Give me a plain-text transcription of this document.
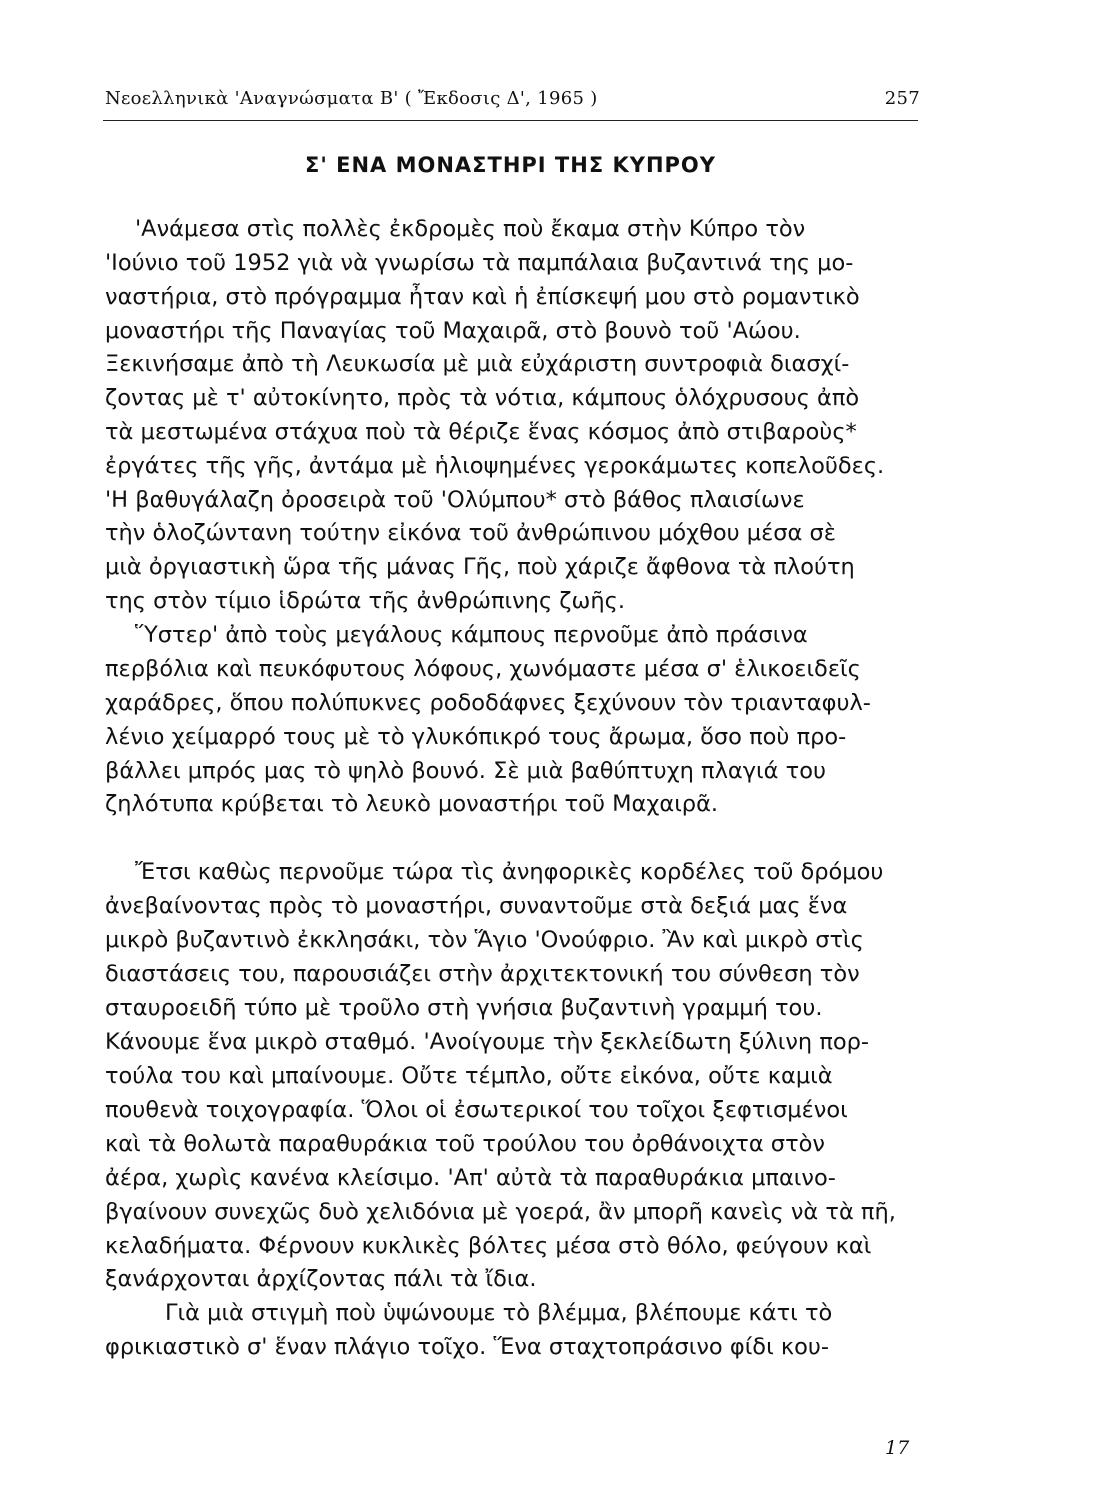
Νεοελληνικὰ 'Αναγνώσματα Β' ( Ἔκδοσις Δ', 1965 )	257
Σ' ΕΝΑ ΜΟΝΑΣΤΗΡΙ ΤΗΣ ΚΥΠΡΟΥ
'Ανάμεσα στὶς πολλὲς ἐκδρομὲς ποὺ ἔκαμα στὴν Κύπρο τὸν
'Ιούνιο τοῦ 1952 γιὰ νὰ γνωρίσω τὰ παμπάλαια βυζαντινά της μο-
ναστήρια, στὸ πρόγραμμα ἦταν καὶ ἡ ἐπίσκεψή μου στὸ ρομαντικὸ
μοναστήρι τῆς Παναγίας τοῦ Μαχαιρᾶ, στὸ βουνὸ τοῦ 'Αώου.
Ξεκινήσαμε ἀπὸ τὴ Λευκωσία μὲ μιὰ εὐχάριστη συντροφιὰ διασχί-
ζοντας μὲ τ' αὐτοκίνητο, πρὸς τὰ νότια, κάμπους ὁλόχρυσους ἀπὸ
τὰ μεστωμένα στάχυα ποὺ τὰ θέριζε ἕνας κόσμος ἀπὸ στιβαροὺς*
ἐργάτες τῆς γῆς, ἀντάμα μὲ ἡλιοψημένες γεροκάμωτες κοπελοῦδες.
'Η βαθυγάλαζη ὀροσειρὰ τοῦ 'Ολύμπου* στὸ βάθος πλαισίωνε
τὴν ὁλοζώντανη τούτην εἰκόνα τοῦ ἀνθρώπινου μόχθου μέσα σὲ
μιὰ ὀργιαστικὴ ὥρα τῆς μάνας Γῆς, ποὺ χάριζε ἄφθονα τὰ πλούτη
της στὸν τίμιο ἱδρώτα τῆς ἀνθρώπινης ζωῆς.
Ὕστερ' ἀπὸ τοὺς μεγάλους κάμπους περνοῦμε ἀπὸ πράσινα
περβόλια καὶ πευκόφυτους λόφους, χωνόμαστε μέσα σ' ἑλικοειδεῖς
χαράδρες, ὅπου πολύπυκνες ροδοδάφνες ξεχύνουν τὸν τριανταφυλ-
λένιο χείμαρρό τους μὲ τὸ γλυκόπικρό τους ἄρωμα, ὅσο ποὺ προ-
βάλλει μπρός μας τὸ ψηλὸ βουνό. Σὲ μιὰ βαθύπτυχη πλαγιά του
ζηλότυπα κρύβεται τὸ λευκὸ μοναστήρι τοῦ Μαχαιρᾶ.
Ἔτσι καθὼς περνοῦμε τώρα τὶς ἀνηφορικὲς κορδέλες τοῦ δρόμου
ἀνεβαίνοντας πρὸς τὸ μοναστήρι, συναντοῦμε στὰ δεξιά μας ἕνα
μικρὸ βυζαντινὸ ἐκκλησάκι, τὸν Ἅγιο 'Ονούφριο. Ἂν καὶ μικρὸ στὶς
διαστάσεις του, παρουσιάζει στὴν ἀρχιτεκτονική του σύνθεση τὸν
σταυροειδῆ τύπο μὲ τροῦλο στὴ γνήσια βυζαντινὴ γραμμή του.
Κάνουμε ἕνα μικρὸ σταθμό. 'Ανοίγουμε τὴν ξεκλείδωτη ξύλινη πορ-
τούλα του καὶ μπαίνουμε. Οὔτε τέμπλο, οὔτε εἰκόνα, οὔτε καμιὰ
πουθενὰ τοιχογραφία. Ὅλοι οἱ ἐσωτερικοί του τοῖχοι ξεφτισμένοι
καὶ τὰ θολωτὰ παραθυράκια τοῦ τρούλου του ὀρθάνοιχτα στὸν
ἀέρα, χωρὶς κανένα κλείσιμο. 'Απ' αὐτὰ τὰ παραθυράκια μπαινο-
βγαίνουν συνεχῶς δυὸ χελιδόνια μὲ γοερά, ἂν μπορῆ κανεὶς νὰ τὰ πῆ,
κελαδήματα. Φέρνουν κυκλικὲς βόλτες μέσα στὸ θόλο, φεύγουν καὶ
ξανάρχονται ἀρχίζοντας πάλι τὰ ἴδια.
Γιὰ μιὰ στιγμὴ ποὺ ὑψώνουμε τὸ βλέμμα, βλέπουμε κάτι τὸ
φρικιαστικὸ σ' ἕναν πλάγιο τοῖχο. Ἕνα σταχτοπράσινο φίδι κου-
17
